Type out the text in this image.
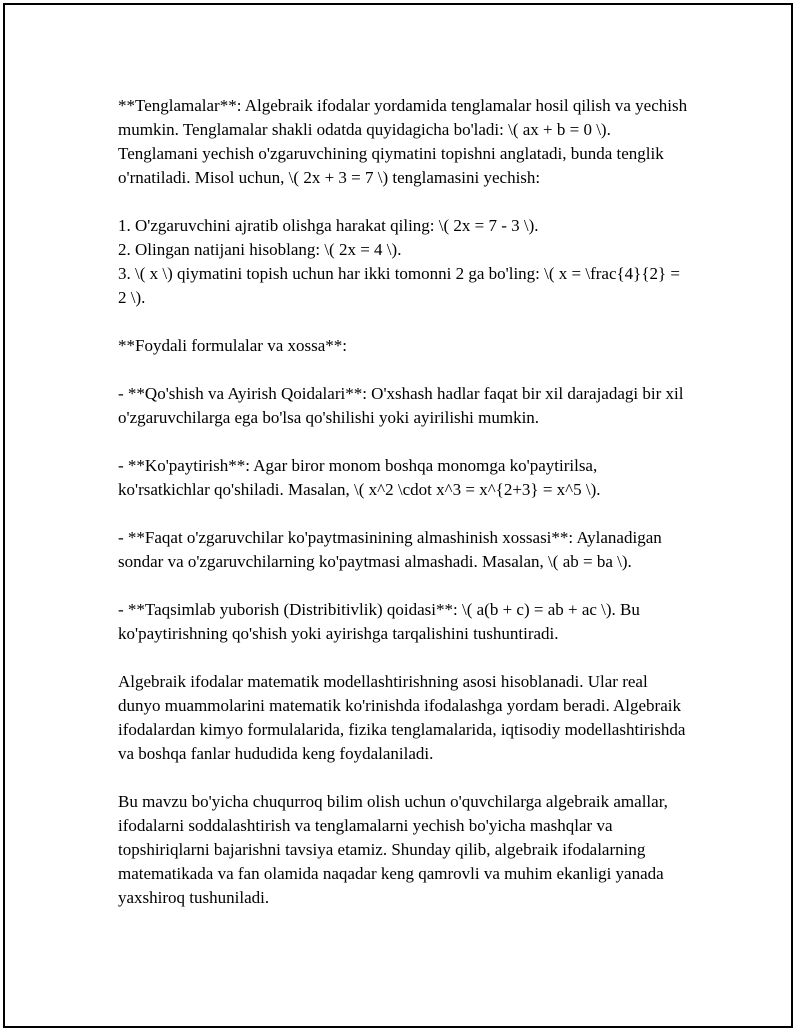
**Tenglamalar**: Algebraik ifodalar yordamida tenglamalar hosil qilish va yechish mumkin. Tenglamalar shakli odatda quyidagicha bo'ladi: \( ax + b = 0 \). Tenglamani yechish o'zgaruvchining qiymatini topishni anglatadi, bunda tenglik o'rnatiladi. Misol uchun, \( 2x + 3 = 7 \) tenglamasini yechish:

1. O'zgaruvchini ajratib olishga harakat qiling: \( 2x = 7 - 3 \).
2. Olingan natijani hisoblang: \( 2x = 4 \).
3. \( x \) qiymatini topish uchun har ikki tomonni 2 ga bo'ling: \( x = \frac{4}{2} = 2 \).

**Foydali formulalar va xossa**:

- **Qo'shish va Ayirish Qoidalari**: O'xshash hadlar faqat bir xil darajadagi bir xil o'zgaruvchilarga ega bo'lsa qo'shilishi yoki ayirilishi mumkin.

- **Ko'paytirish**: Agar biror monom boshqa monomga ko'paytirilsa, ko'rsatkichlar qo'shiladi. Masalan, \( x^2 \cdot x^3 = x^{2+3} = x^5 \).

- **Faqat o'zgaruvchilar ko'paytmasinining almashinish xossasi**: Aylanadigan sondar va o'zgaruvchilarning ko'paytmasi almashadi. Masalan, \( ab = ba \).

- **Taqsimlab yuborish (Distribitivlik) qoidasi**: \( a(b + c) = ab + ac \). Bu ko'paytirishning qo'shish yoki ayirishga tarqalishini tushuntiradi.

Algebraik ifodalar matematik modellashtirishning asosi hisoblanadi. Ular real dunyo muammolarini matematik ko'rinishda ifodalashga yordam beradi. Algebraik ifodalardan kimyo formulalarida, fizika tenglamalarida, iqtisodiy modellashtirishda va boshqa fanlar hududida keng foydalaniladi.

Bu mavzu bo'yicha chuqurroq bilim olish uchun o'quvchilarga algebraik amallar, ifodalarni soddalashtirish va tenglamalarni yechish bo'yicha mashqlar va topshiriqlarni bajarishni tavsiya etamiz. Shunday qilib, algebraik ifodalarning matematikada va fan olamida naqadar keng qamrovli va muhim ekanligi yanada yaxshiroq tushuniladi.
